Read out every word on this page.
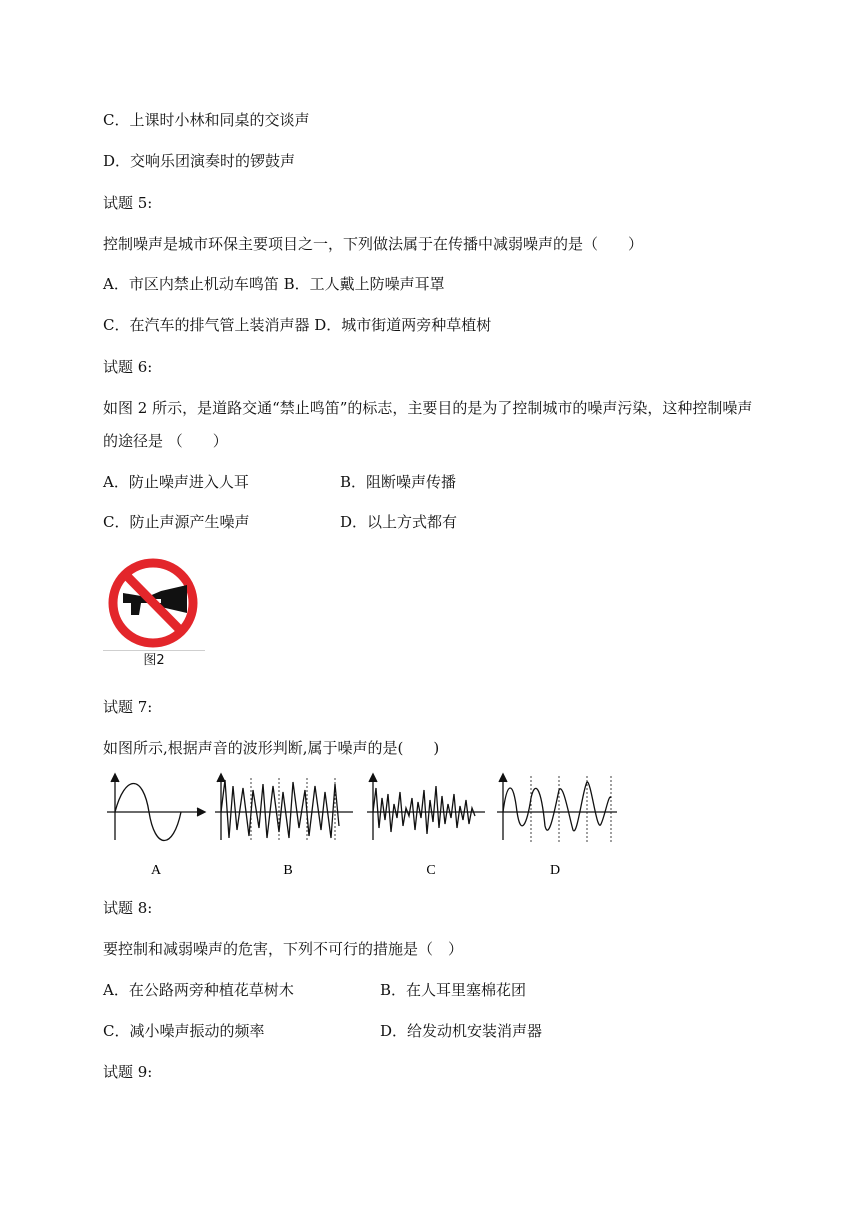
C．上课时小林和同桌的交谈声
D．交响乐团演奏时的锣鼓声
试题 5:
控制噪声是城市环保主要项目之一，下列做法属于在传播中减弱噪声的是（　　）
A．市区内禁止机动车鸣笛 B．工人戴上防噪声耳罩
C．在汽车的排气管上装消声器 D．城市街道两旁种草植树
试题 6:
如图 2 所示，是道路交通“禁止鸣笛”的标志，主要目的是为了控制城市的噪声污染，这种控制噪声
的途径是 （　　）
A．防止噪声进入人耳	B．阻断噪声传播
C．防止声源产生噪声	D．以上方式都有
图2
试题 7:
如图所示,根据声音的波形判断,属于噪声的是(　　)
A	B	C	D
试题 8:
要控制和减弱噪声的危害，下列不可行的措施是（　）
A．在公路两旁种植花草树木	B．在人耳里塞棉花团
C．减小噪声振动的频率	D．给发动机安装消声器
试题 9:
